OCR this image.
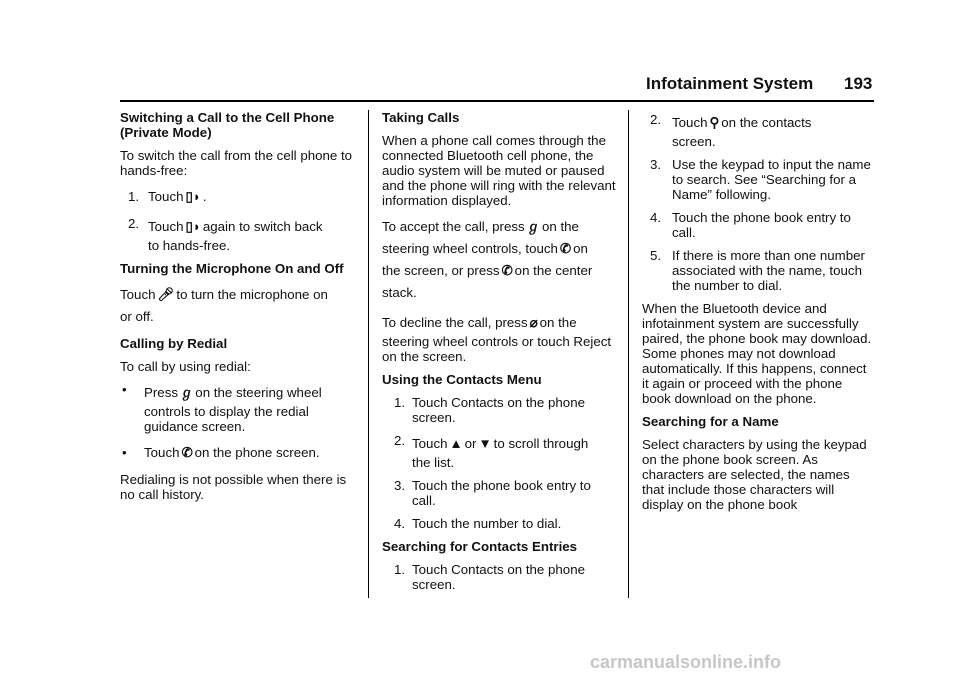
Infotainment System 193

Switching a Call to the Cell Phone (Private Mode)

To switch the call from the cell phone to hands-free:

1. Touch ▯◗ .
2. Touch ▯◗ again to switch back
to hands-free.

Turning the Microphone On and Off

Touch 🎤︎ to turn the microphone on
or off.

Calling by Redial

To call by using redial:

• Press ℊ on the steering wheel
controls to display the redial guidance screen.
• Touch ✆ on the phone screen.

Redialing is not possible when there is no call history.

Taking Calls

When a phone call comes through the connected Bluetooth cell phone, the audio system will be muted or paused and the phone will ring with the relevant information displayed.

To accept the call, press ℊ on the
steering wheel controls, touch ✆ on
the screen, or press ✆ on the center
stack.

To decline the call, press ⌀ on the
steering wheel controls or touch Reject on the screen.

Using the Contacts Menu

1. Touch Contacts on the phone screen.
2. Touch ▲ or ▼ to scroll through
the list.
3. Touch the phone book entry to call.
4. Touch the number to dial.

Searching for Contacts Entries

1. Touch Contacts on the phone screen.
2. Touch ⚲ on the contacts
screen.
3. Use the keypad to input the name to search. See “Searching for a Name” following.
4. Touch the phone book entry to call.
5. If there is more than one number associated with the name, touch the number to dial.

When the Bluetooth device and infotainment system are successfully paired, the phone book may download. Some phones may not download automatically. If this happens, connect it again or proceed with the phone book download on the phone.

Searching for a Name

Select characters by using the keypad on the phone book screen. As characters are selected, the names that include those characters will display on the phone book

carmanualsonline.info
